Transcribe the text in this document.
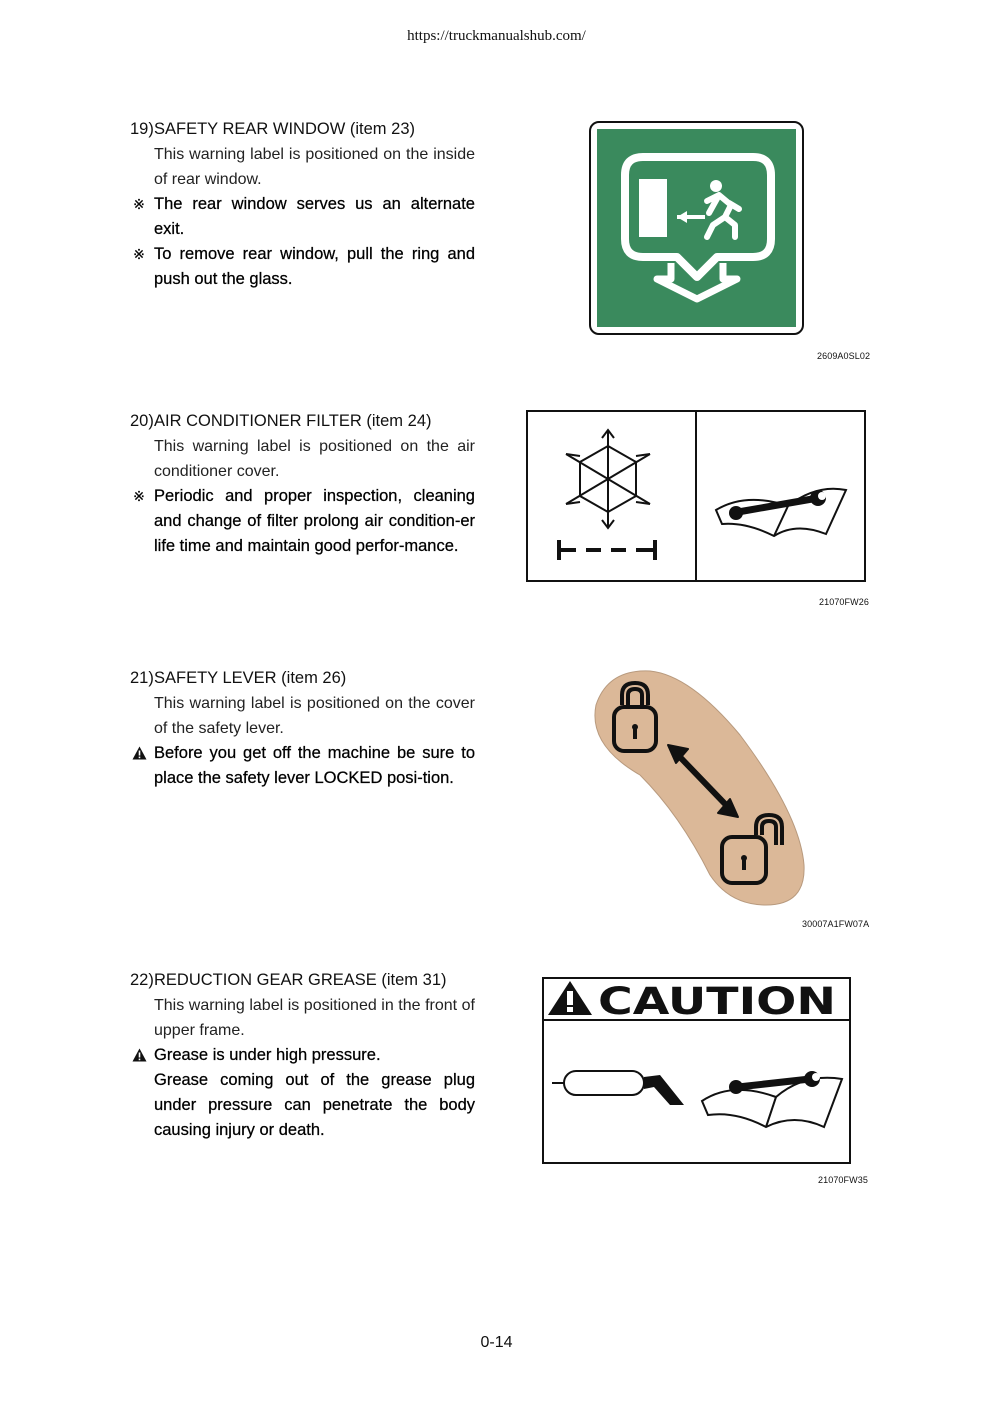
https://truckmanualshub.com/
19)SAFETY REAR WINDOW (item 23)
This warning label is positioned on the inside of rear window.
※ The rear window serves us an alternate exit.
※ To remove rear window, pull the ring and push out the glass.
2609A0SL02
20)AIR CONDITIONER FILTER (item 24)
This warning label is positioned on the air conditioner cover.
※ Periodic and proper inspection, cleaning and change of filter prolong air condition-er life time and maintain good perfor-mance.
21070FW26
21)SAFETY LEVER (item 26)
This warning label is positioned on the cover of the safety lever.
Before you get off the machine be sure to place the safety lever LOCKED posi-tion.
30007A1FW07A
22)REDUCTION GEAR GREASE (item 31)
This warning label is positioned in the front of upper frame.
Grease is under high pressure.
Grease coming out of the grease plug under pressure can penetrate the body causing injury or death.
CAUTION
21070FW35
0-14
